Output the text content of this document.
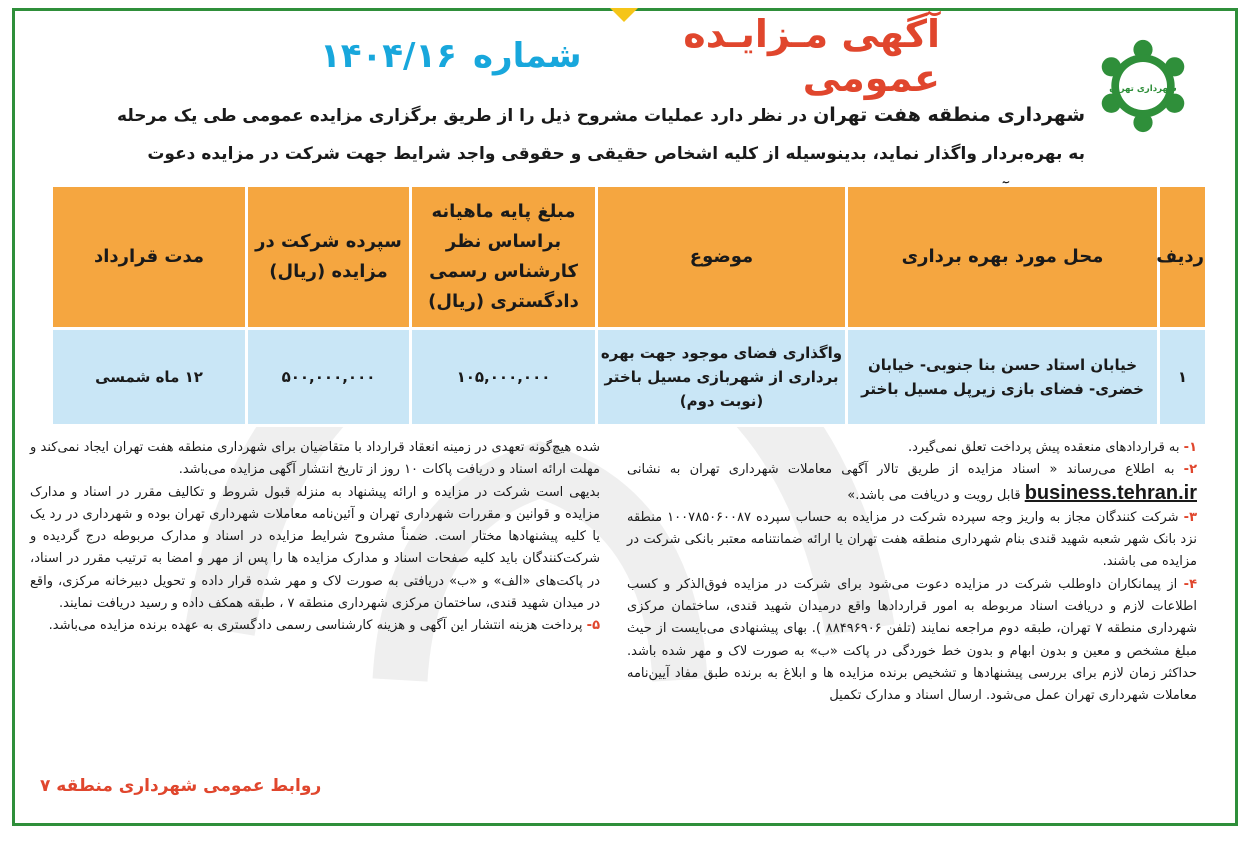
شهرداری تهران
آگهی مـزایـده عمومی
شماره
۱۴۰۴/۱۶
شهرداری منطقه هفت تهران در نظر دارد عملیات مشروح ذیل را از طریق برگزاری مزایده عمومی طی یک مرحله
به بهره‌بردار واگذار نماید، بدینوسیله از کلیه اشخاص حقیقی و حقوقی واجد شرایط جهت شرکت در مزایده دعوت
ردیف	محل مورد بهره برداری	موضوع	مبلغ پایه ماهیانه براساس نظر کارشناس رسمی دادگستری (ریال)	سپرده شرکت در مزایده (ریال)	مدت قرارداد
۱	خیابان استاد حسن بنا جنوبی- خیابان خضری- فضای بازی زیرپل مسیل باختر	واگذاری فضای موجود جهت بهره برداری از شهربازی مسیل باختر (نوبت دوم)	۱۰۵,۰۰۰,۰۰۰	۵۰۰,۰۰۰,۰۰۰	۱۲ ماه شمسی

۱- به قراردادهای منعقده پیش پرداخت تعلق نمی‌گیرد.

۲- به اطلاع می‌رساند « اسناد مزایده از طریق تالار آگهی معاملات شهرداری تهران به نشانی business.tehran.ir قابل رویت و دریافت می باشد.»

۳- شرکت کنندگان مجاز به واریز وجه سپرده شرکت در مزایده به حساب سپرده ۱۰۰۷۸۵۰۶۰۰۸۷ منطقه نزد بانک شهر شعبه شهید قندی بنام شهرداری منطقه هفت تهران یا ارائه ضمانتنامه معتبر بانکی شرکت در مزایده می باشند.

۴- از پیمانکاران داوطلب شرکت در مزایده دعوت می‌شود برای شرکت در مزایده فوق‌الذکر و کسب اطلاعات لازم و دریافت اسناد مربوطه به امور قراردادها واقع درمیدان شهید قندی، ساختمان مرکزی شهرداری منطقه ۷ تهران، طبقه دوم مراجعه نمایند (تلفن ۸۸۴۹۶۹۰۶ ). بهای پیشنهادی می‌بایست از حیث مبلغ مشخص و معین و بدون ابهام و بدون خط خوردگی در پاکت «ب» به صورت لاک و مهر شده باشد. حداکثر زمان لازم برای بررسی پیشنهادها و تشخیص برنده مزایده ها و ابلاغ به برنده طبق مفاد آیین‌نامه معاملات شهرداری تهران عمل می‌شود. ارسال اسناد و مدارک تکمیل

شده هیچ‌گونه تعهدی در زمینه انعقاد قرارداد با متقاضیان برای شهرداری منطقه هفت تهران ایجاد نمی‌کند و مهلت ارائه اسناد و دریافت پاکات ۱۰ روز از تاریخ انتشار آگهی مزایده می‌باشد.

بدیهی است شرکت در مزایده و ارائه پیشنهاد به منزله قبول شروط و تکالیف مقرر در اسناد و مدارک مزایده و قوانین و مقررات شهرداری تهران و آئین‌نامه معاملات شهرداری تهران بوده و شهرداری در رد یک یا کلیه پیشنهادها مختار است. ضمناً مشروح شرایط مزایده در اسناد و مدارک مربوطه درج گردیده و شرکت‌کنندگان باید کلیه صفحات اسناد و مدارک مزایده ها را پس از مهر و امضا به ترتیب مقرر در اسناد، در پاکت‌های «الف» و «ب» دریافتی به صورت لاک و مهر شده قرار داده و تحویل دبیرخانه مرکزی، واقع در میدان شهید قندی، ساختمان مرکزی شهرداری منطقه ۷ ، طبقه همکف داده و رسید دریافت نمایند.

۵- پرداخت هزینه انتشار این آگهی و هزینه کارشناسی رسمی دادگستری به عهده برنده مزایده می‌باشد.

روابط عمومی شهرداری منطقه ۷
